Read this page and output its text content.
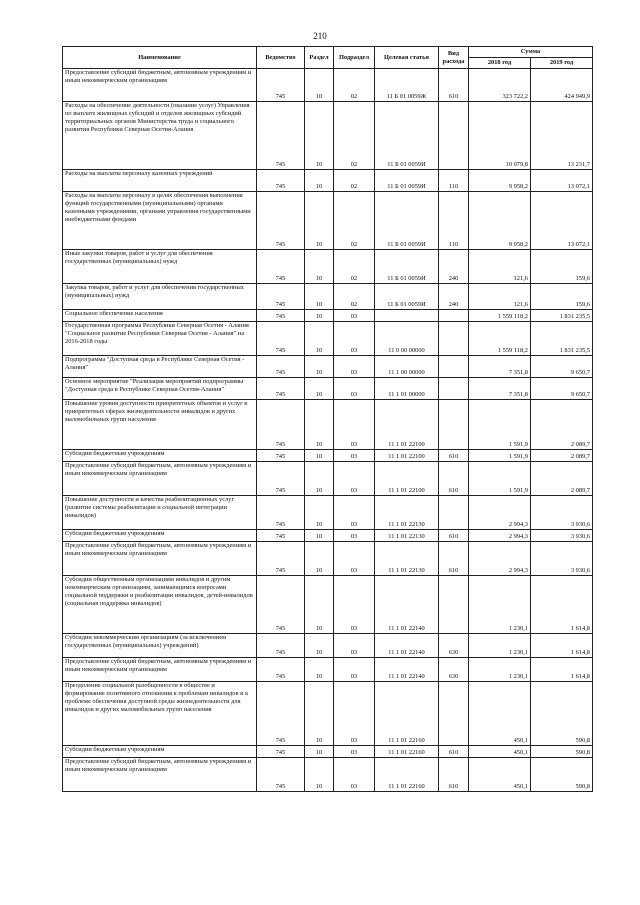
210
Наименование	Ведомство	Раздел	Подраздел	Целевая статья	Вид расхода	Сумма	
						2018 год	2019 год
Предоставление субсидий бюджетным, автономным учреждениям и иным некоммерческим организациям	745	10	02	11 Б 01 0059Ж	610	323 722,2	424 949,9
Расходы на обеспечение деятельности (оказание услуг) Управления по выплате жилищных субсидий и отделов жилищных субсидий территориальных органов Министерства труда и социального развития Республики Северная Осетия-Алания	745	10	02	11 Б 01 0059И		10 079,8	13 231,7
Расходы на выплаты персоналу казенных учреждений	745	10	02	11 Б 01 0059И	110	9 958,2	13 072,1
Расходы на выплаты персоналу в целях обеспечения выполнения функций государственными (муниципальными) органами казенными учреждениями, органами управления государственными внебюджетными фондами	745	10	02	11 Б 01 0059И	110	9 958,2	13 072,1
Иные закупки товаров, работ и услуг для обеспечения государственных (муниципальных) нужд	745	10	02	11 Б 01 0059И	240	121,6	159,6
Закупка товаров, работ и услуг для обеспечения государственных (муниципальных) нужд	745	10	02	11 Б 01 0059И	240	121,6	159,6
Социальное обеспечение населения	745	10	03			1 559 118,2	1 831 235,5
Государственная программа Республики Северная Осетия - Алания "Социальное развитие Республики Северная Осетия - Алания" на 2016-2018 годы	745	10	03	11 0 00 00000		1 559 118,2	1 831 235,5
Подпрограмма "Доступная среда в Республике Северная Осетия - Алания"	745	10	03	11 1 00 00000		7 351,8	9 650,7
Основное мероприятие "Реализация мероприятий подпрограммы "Доступная среда в Республике Северная Осетия-Алания"	745	10	03	11 1 01 00000		7 351,8	9 650,7
Повышение уровня доступности приоритетных объектов и услуг в приоритетных сферах жизнедеятельности инвалидов и других маломобильных групп населения	745	10	03	11 1 01 22100		1 591,9	2 089,7
Субсидии бюджетным учреждениям	745	10	03	11 1 01 22100	610	1 591,9	2 089,7
Предоставление субсидий бюджетным, автономным учреждениям и иным некоммерческим организациям	745	10	03	11 1 01 22100	610	1 591,9	2 089,7
Повышение доступности и качества реабилитационных услуг (развитие системы реабилитации и социальной интеграции инвалидов)	745	10	03	11 1 01 22130		2 994,3	3 930,6
Субсидии бюджетным учреждениям	745	10	03	11 1 01 22130	610	2 994,3	3 930,6
Предоставление субсидий бюджетным, автономным учреждениям и иным некоммерческим организациям	745	10	03	11 1 01 22130	610	2 994,3	3 930,6
Субсидии общественным организациям инвалидов и другим некоммерческим организациям, занимающимся вопросами социальной поддержки и реабилитации инвалидов, детей-инвалидов (социальная поддержка инвалидов)	745	10	03	11 1 01 22140		1 230,1	1 614,8
Субсидии некоммерческим организациям (за исключением государственных (муниципальных) учреждений)	745	10	03	11 1 01 22140	630	1 230,1	1 614,8
Предоставление субсидий бюджетным, автономным учреждениям и иным некоммерческим организациям	745	10	03	11 1 01 22140	630	1 230,1	1 614,8
Преодоление социальной разобщенности в обществе и формирование позитивного отношения к проблемам инвалидов и к проблеме обеспечения доступной среды жизнедеятельности для инвалидов и других маломобильных групп населения	745	10	03	11 1 01 22160		450,1	590,8
Субсидии бюджетным учреждениям	745	10	03	11 1 01 22160	610	450,1	590,8
Предоставление субсидий бюджетным, автономным учреждениям и иным некоммерческим организациям	745	10	03	11 1 01 22160	610	450,1	590,8
